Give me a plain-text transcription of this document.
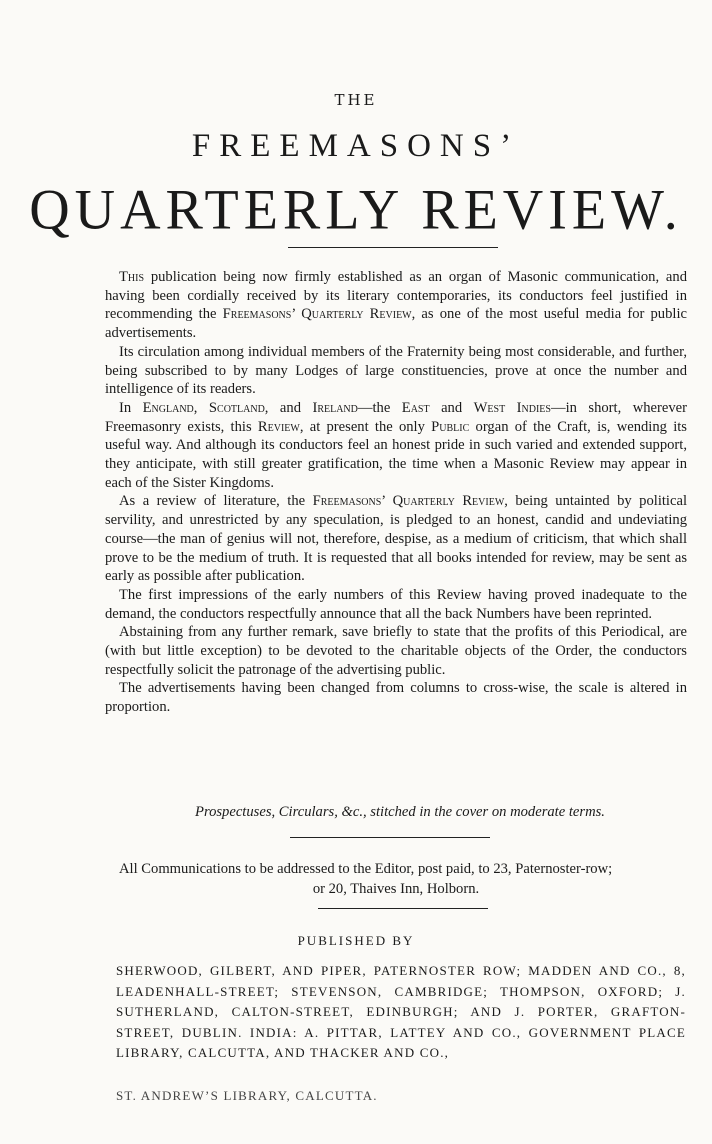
THE
FREEMASONS’
QUARTERLY REVIEW.

This publication being now firmly established as an organ of Masonic communication, and having been cordially received by its literary contemporaries, its conductors feel justified in recommending the Freemasons’ Quarterly Review, as one of the most useful media for public advertisements.

Its circulation among individual members of the Fraternity being most considerable, and further, being subscribed to by many Lodges of large constituencies, prove at once the number and intelligence of its readers.

In England, Scotland, and Ireland—the East and West Indies—in short, wherever Freemasonry exists, this Review, at present the only Public organ of the Craft, is, wending its useful way. And although its conductors feel an honest pride in such varied and extended support, they anticipate, with still greater gratification, the time when a Masonic Review may appear in each of the Sister Kingdoms.

As a review of literature, the Freemasons’ Quarterly Review, being untainted by political servility, and unrestricted by any speculation, is pledged to an honest, candid and undeviating course—the man of genius will not, therefore, despise, as a medium of criticism, that which shall prove to be the medium of truth. It is requested that all books intended for review, may be sent as early as possible after publication.

The first impressions of the early numbers of this Review having proved inadequate to the demand, the conductors respectfully announce that all the back Numbers have been reprinted.

Abstaining from any further remark, save briefly to state that the profits of this Periodical, are (with but little exception) to be devoted to the charitable objects of the Order, the conductors respectfully solicit the patronage of the advertising public.

The advertisements having been changed from columns to cross-wise, the scale is altered in proportion.

Prospectuses, Circulars, &c., stitched in the cover on moderate terms.
All Communications to be addressed to the Editor, post paid, to 23, Paternoster-row;
or 20, Thaives Inn, Holborn.
PUBLISHED BY
SHERWOOD, GILBERT, AND PIPER, PATERNOSTER ROW; MADDEN AND CO., 8, LEADENHALL-STREET; STEVENSON, CAMBRIDGE; THOMPSON, OXFORD; J. SUTHERLAND, CALTON-STREET, EDINBURGH; AND J. PORTER, GRAFTON-STREET, DUBLIN. INDIA: A. PITTAR, LATTEY AND CO., GOVERNMENT PLACE LIBRARY, CALCUTTA, AND THACKER AND CO.,
ST. ANDREW’S LIBRARY, CALCUTTA.
